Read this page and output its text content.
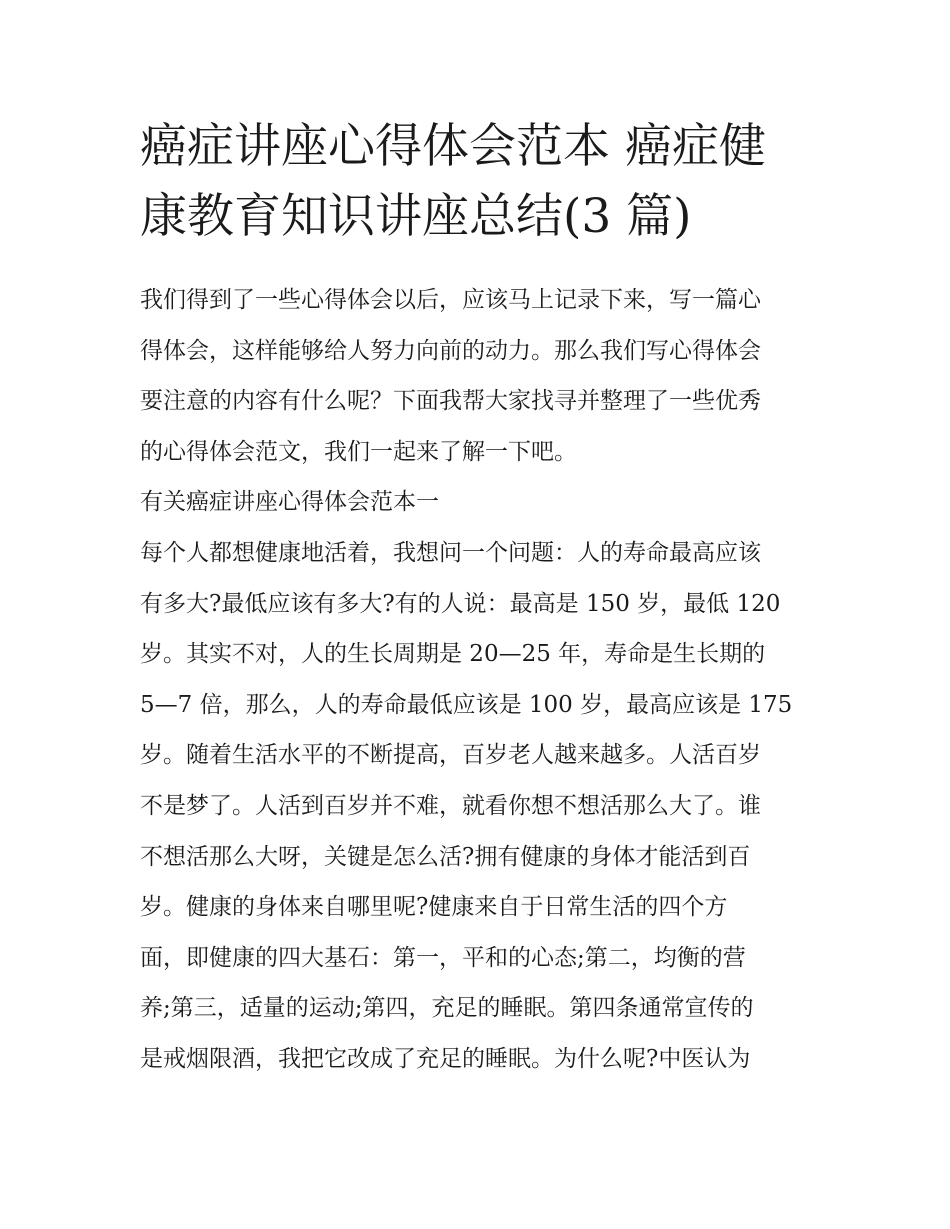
癌症讲座心得体会范本 癌症健

康教育知识讲座总结(3 篇)

我们得到了一些心得体会以后，应该马上记录下来，写一篇心

得体会，这样能够给人努力向前的动力。那么我们写心得体会

要注意的内容有什么呢？下面我帮大家找寻并整理了一些优秀

的心得体会范文，我们一起来了解一下吧。

有关癌症讲座心得体会范本一

每个人都想健康地活着，我想问一个问题：人的寿命最高应该

有多大?最低应该有多大?有的人说：最高是 150 岁，最低 120

岁。其实不对，人的生长周期是 20—25 年，寿命是生长期的

5—7 倍，那么，人的寿命最低应该是 100 岁，最高应该是 175

岁。随着生活水平的不断提高，百岁老人越来越多。人活百岁

不是梦了。人活到百岁并不难，就看你想不想活那么大了。谁

不想活那么大呀，关键是怎么活?拥有健康的身体才能活到百

岁。健康的身体来自哪里呢?健康来自于日常生活的四个方

面，即健康的四大基石：第一，平和的心态;第二，均衡的营

养;第三，适量的运动;第四，充足的睡眠。第四条通常宣传的

是戒烟限酒，我把它改成了充足的睡眠。为什么呢?中医认为
